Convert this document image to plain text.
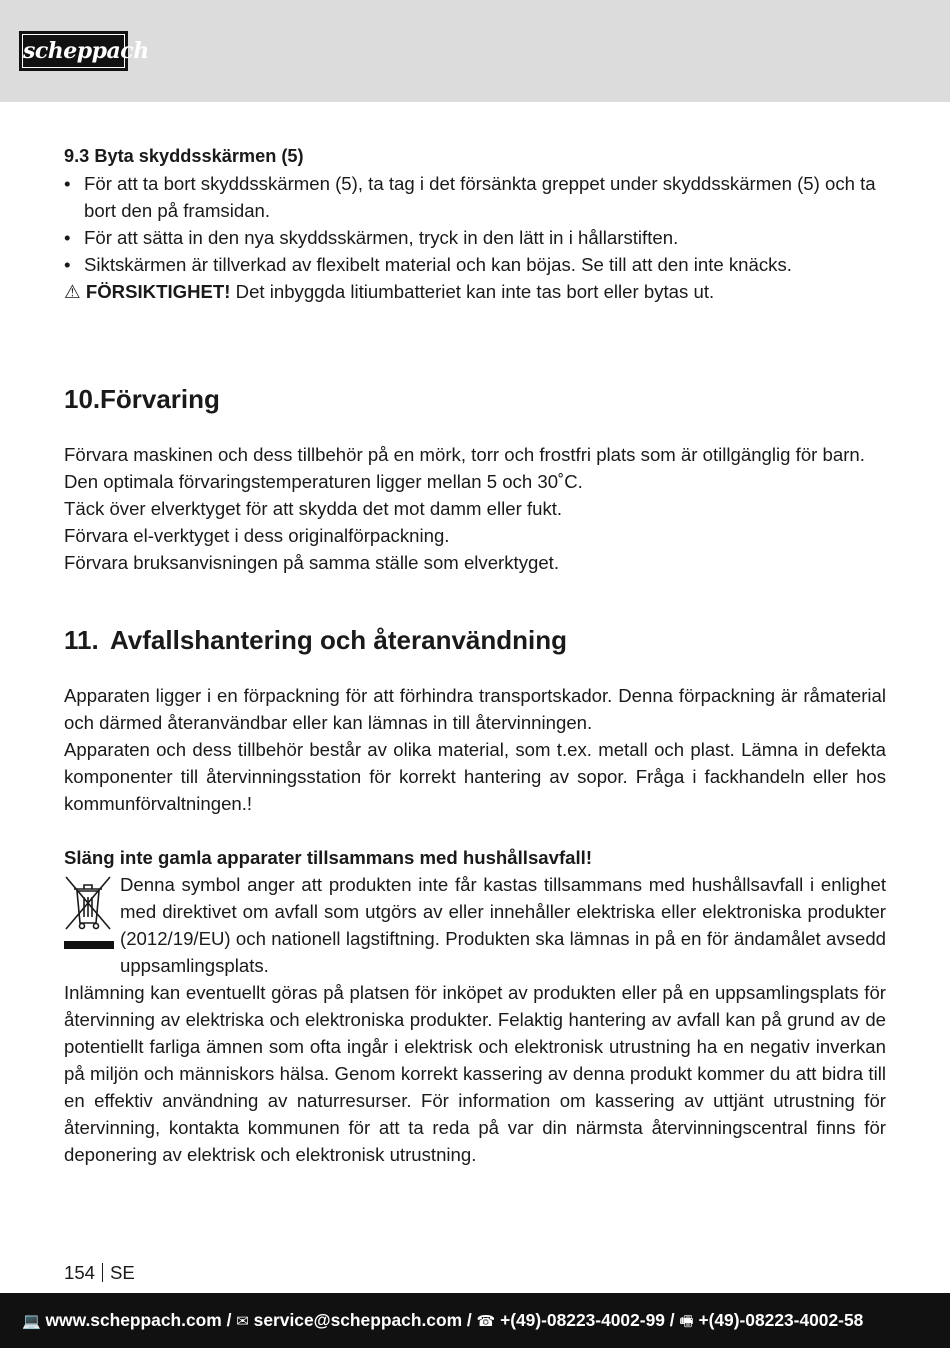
scheppach

9.3 Byta skyddsskärmen (5)

• För att ta bort skyddsskärmen (5), ta tag i det försänkta greppet under skyddsskärmen (5) och ta bort den på framsidan.

• För att sätta in den nya skyddsskärmen, tryck in den lätt in i hållarstiften.

• Siktskärmen är tillverkad av flexibelt material och kan böjas. Se till att den inte knäcks.

⚠ FÖRSIKTIGHET! Det inbyggda litiumbatteriet kan inte tas bort eller bytas ut.

10. Förvaring

Förvara maskinen och dess tillbehör på en mörk, torr och frostfri plats som är otillgänglig för barn. Den optimala förvaringstemperaturen ligger mellan 5 och 30˚C.

Täck över elverktyget för att skydda det mot damm eller fukt.

Förvara el-verktyget i dess originalförpackning.

Förvara bruksanvisningen på samma ställe som elverktyget.

11. Avfallshantering och återanvändning

Apparaten ligger i en förpackning för att förhindra transportskador. Denna förpackning är råmaterial och därmed återanvändbar eller kan lämnas in till återvinningen.

Apparaten och dess tillbehör består av olika material, som t.ex. metall och plast. Lämna in defekta komponenter till återvinningsstation för korrekt hantering av sopor. Fråga i fackhandeln eller hos kommunförvaltningen.!

Släng inte gamla apparater tillsammans med hushållsavfall!

Denna symbol anger att produkten inte får kastas tillsammans med hushållsavfall i enlighet med direktivet om avfall som utgörs av eller innehåller elektriska eller elektroniska produkter (2012/19/EU) och nationell lagstiftning. Produkten ska lämnas in på en för ändamålet avsedd uppsamlingsplats.

Inlämning kan eventuellt göras på platsen för inköpet av produkten eller på en uppsamlingsplats för återvinning av elektriska och elektroniska produkter. Felaktig hantering av avfall kan på grund av de potentiellt farliga ämnen som ofta ingår i elektrisk och elektronisk utrustning ha en negativ inverkan på miljön och människors hälsa. Genom korrekt kassering av denna produkt kommer du att bidra till en effektiv användning av naturresurser. För information om kassering av uttjänt utrustning för återvinning, kontakta kommunen för att ta reda på var din närmsta återvinningscentral finns för deponering av elektrisk och elektronisk utrustning.

154 SE
💻 www.scheppach.com / ✉ service@scheppach.com / ☎ +(49)-08223-4002-99 / 🖷 +(49)-08223-4002-58
